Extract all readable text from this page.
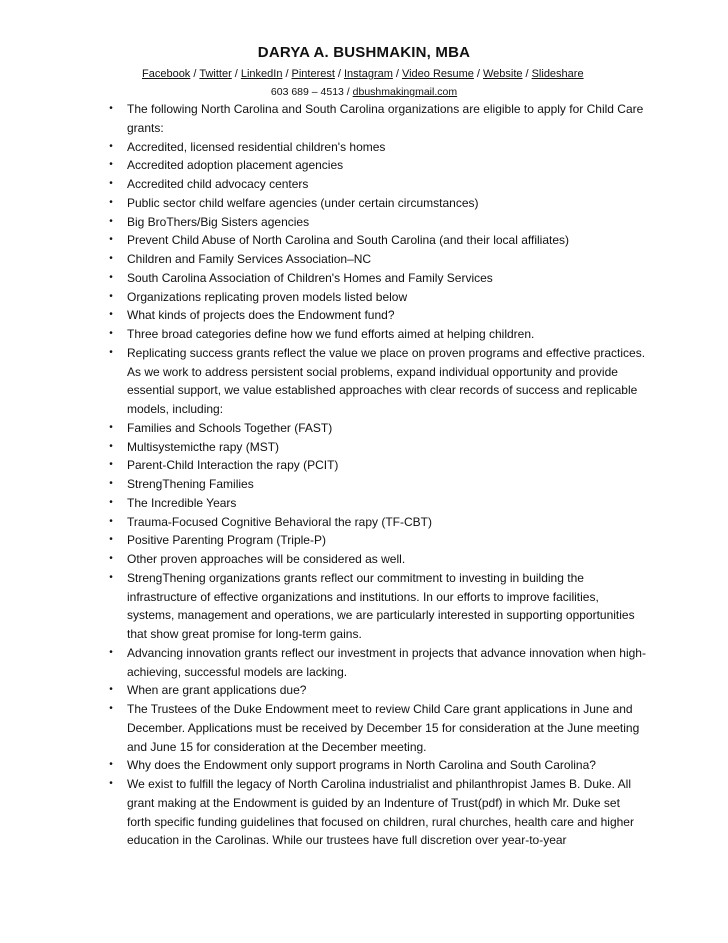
DARYA A. BUSHMAKIN, MBA
Facebook / Twitter / LinkedIn / Pinterest / Instagram / Video Resume / Website / Slideshare
603 689 – 4513 / dbushmakingmail.com
• The following North Carolina and South Carolina organizations are eligible to apply for Child Care grants:
• Accredited, licensed residential children's homes
• Accredited adoption placement agencies
• Accredited child advocacy centers
• Public sector child welfare agencies (under certain circumstances)
• Big BroThers/Big Sisters agencies
• Prevent Child Abuse of North Carolina and South Carolina (and their local affiliates)
• Children and Family Services Association–NC
• South Carolina Association of Children's Homes and Family Services
• Organizations replicating proven models listed below
• What kinds of projects does the Endowment fund?
• Three broad categories define how we fund efforts aimed at helping children.
• Replicating success grants reflect the value we place on proven programs and effective practices. As we work to address persistent social problems, expand individual opportunity and provide essential support, we value established approaches with clear records of success and replicable models, including:
• Families and Schools Together (FAST)
• Multisystemicthe rapy (MST)
• Parent-Child Interaction the rapy (PCIT)
• StrengThening Families
• The Incredible Years
• Trauma-Focused Cognitive Behavioral the rapy (TF-CBT)
• Positive Parenting Program (Triple-P)
• Other proven approaches will be considered as well.
• StrengThening organizations grants reflect our commitment to investing in building the infrastructure of effective organizations and institutions. In our efforts to improve facilities, systems, management and operations, we are particularly interested in supporting opportunities that show great promise for long-term gains.
• Advancing innovation grants reflect our investment in projects that advance innovation when high-achieving, successful models are lacking.
• When are grant applications due?
• The Trustees of the Duke Endowment meet to review Child Care grant applications in June and December. Applications must be received by December 15 for consideration at the June meeting and June 15 for consideration at the December meeting.
• Why does the Endowment only support programs in North Carolina and South Carolina?
• We exist to fulfill the legacy of North Carolina industrialist and philanthropist James B. Duke. All grant making at the Endowment is guided by an Indenture of Trust(pdf) in which Mr. Duke set forth specific funding guidelines that focused on children, rural churches, health care and higher education in the Carolinas. While our trustees have full discretion over year-to-year
